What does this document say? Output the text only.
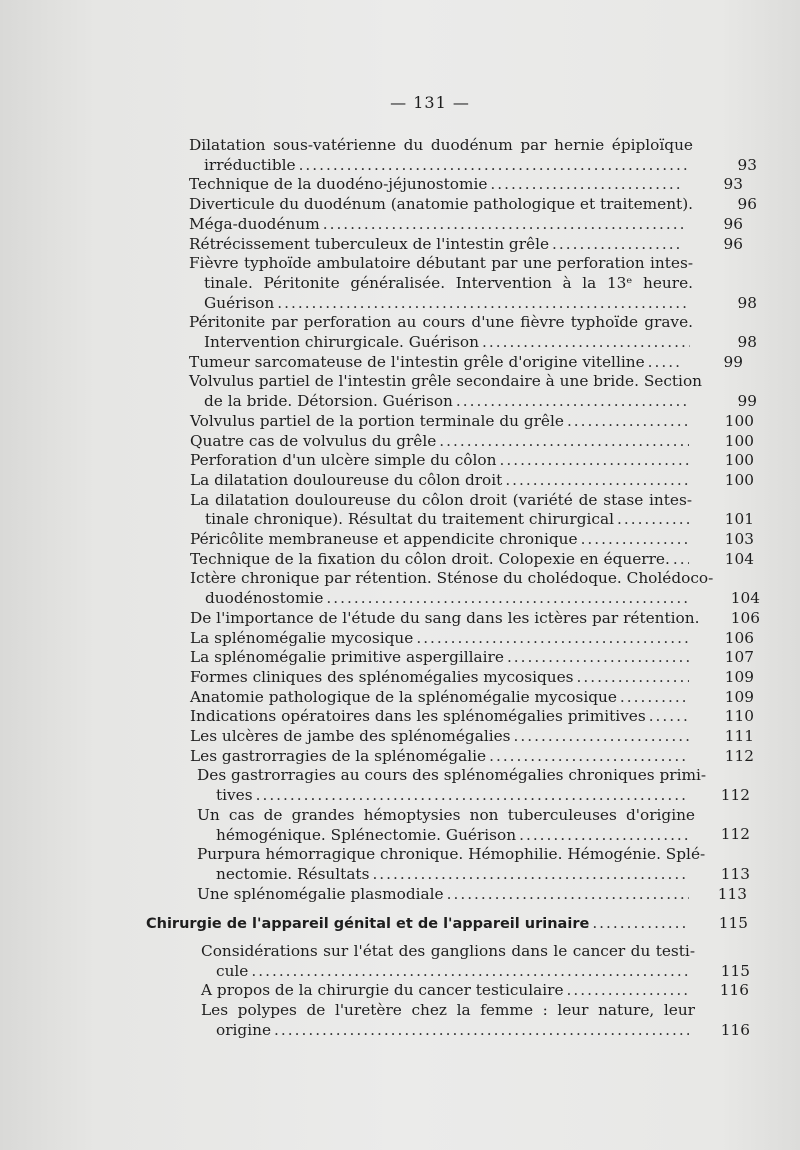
— 131 —
Dilatation sous-vatérienne du duodénum par hernie épiploïque
irréductible .....	93
Technique de la duodéno-jéjunostomie .....	93
Diverticule du duodénum (anatomie pathologique et traitement).	96
Méga-duodénum .....	96
Rétrécissement tuberculeux de l'intestin grêle .....	96
Fièvre typhoïde ambulatoire débutant par une perforation intes-
tinale. Péritonite généralisée. Intervention à la 13ᵉ heure.
Guérison .....	98
Péritonite par perforation au cours d'une fièvre typhoïde grave.
Intervention chirurgicale. Guérison .....	98
Tumeur sarcomateuse de l'intestin grêle d'origine vitelline .....	99
Volvulus partiel de l'intestin grêle secondaire à une bride. Section
de la bride. Détorsion. Guérison .....	99
Volvulus partiel de la portion terminale du grêle .....	100
Quatre cas de volvulus du grêle .....	100
Perforation d'un ulcère simple du côlon .....	100
La dilatation douloureuse du côlon droit .....	100
La dilatation douloureuse du côlon droit (variété de stase intes-
tinale chronique). Résultat du traitement chirurgical .....	101
Péricôlite membraneuse et appendicite chronique .....	103
Technique de la fixation du côlon droit. Colopexie en équerre. .....	104
Ictère chronique par rétention. Sténose du cholédoque. Cholédoco-
duodénostomie .....	104
De l'importance de l'étude du sang dans les ictères par rétention.	106
La splénomégalie mycosique .....	106
La splénomégalie primitive aspergillaire .....	107
Formes cliniques des splénomégalies mycosiques .....	109
Anatomie pathologique de la splénomégalie mycosique .....	109
Indications opératoires dans les splénomégalies primitives .....	110
Les ulcères de jambe des splénomégalies .....	111
Les gastrorragies de la splénomégalie .....	112
Des gastrorragies au cours des splénomégalies chroniques primi-
tives .....	112
Un cas de grandes hémoptysies non tuberculeuses d'origine
hémogénique. Splénectomie. Guérison .....	112
Purpura hémorragique chronique. Hémophilie. Hémogénie. Splé-
nectomie. Résultats .....	113
Une splénomégalie plasmodiale .....	113
Chirurgie de l'appareil génital et de l'appareil urinaire .....	115
Considérations sur l'état des ganglions dans le cancer du testi-
cule .....	115
A propos de la chirurgie du cancer testiculaire .....	116
Les polypes de l'uretère chez la femme : leur nature, leur
origine .....	116
